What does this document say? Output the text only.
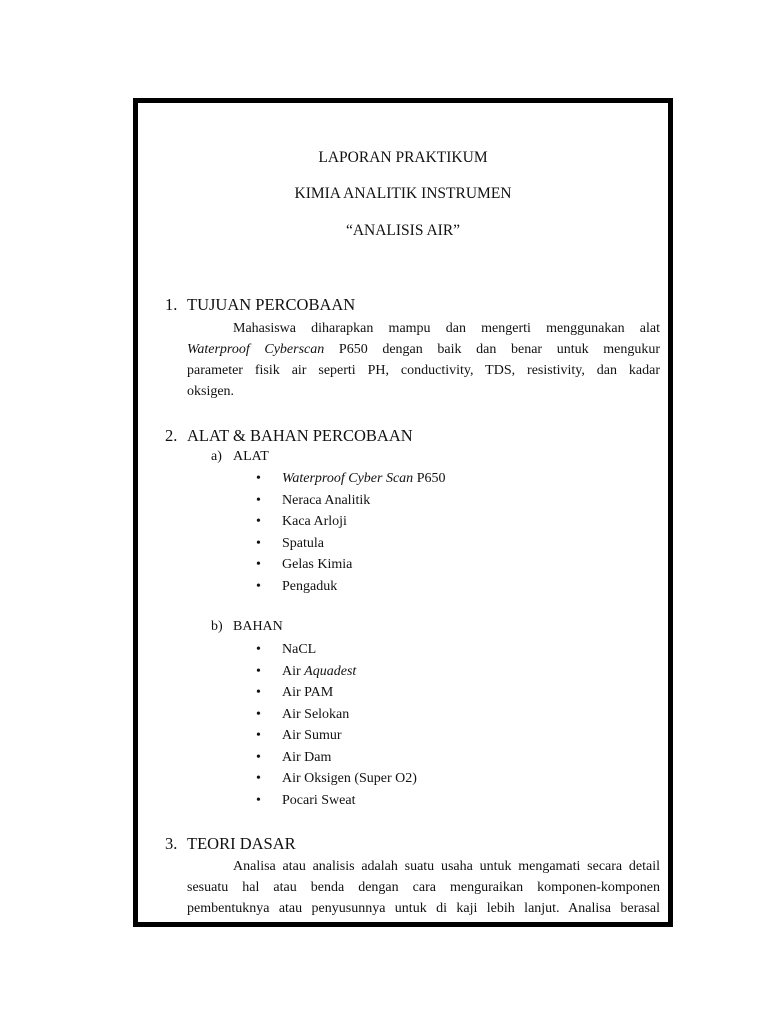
LAPORAN PRAKTIKUM
KIMIA ANALITIK INSTRUMEN
“ANALISIS AIR”
1. TUJUAN PERCOBAAN
Mahasiswa diharapkan mampu dan mengerti menggunakan alat
Waterproof Cyberscan P650 dengan baik dan benar untuk mengukur
parameter fisik air seperti PH, conductivity, TDS, resistivity, dan kadar
oksigen.
2. ALAT & BAHAN PERCOBAAN
a) ALAT
• Waterproof Cyber Scan P650
• Neraca Analitik
• Kaca Arloji
• Spatula
• Gelas Kimia
• Pengaduk
b) BAHAN
• NaCL
• Air Aquadest
• Air PAM
• Air Selokan
• Air Sumur
• Air Dam
• Air Oksigen (Super O2)
• Pocari Sweat
3. TEORI DASAR
Analisa atau analisis adalah suatu usaha untuk mengamati secara detail
sesuatu hal atau benda dengan cara menguraikan komponen-komponen
pembentuknya atau penyusunnya untuk di kaji lebih lanjut. Analisa berasal
